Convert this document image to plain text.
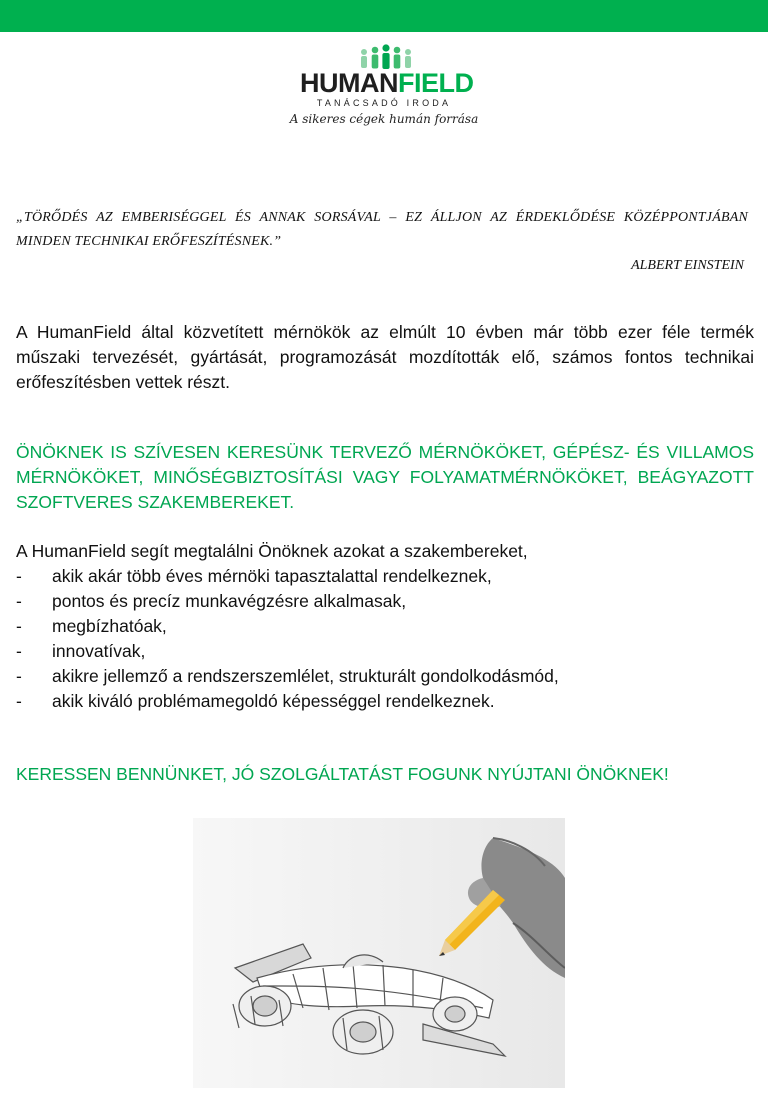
HUMANFIELD
TANÁCSADÓ IRODA
A sikeres cégek humán forrása
„TÖRŐDÉS AZ EMBERISÉGGEL ÉS ANNAK SORSÁVAL – EZ ÁLLJON AZ ÉRDEKLŐDÉSE KÖZÉPPONTJÁBAN MINDEN TECHNIKAI ERŐFESZÍTÉSNEK.”
ALBERT EINSTEIN
A HumanField által közvetített mérnökök az elmúlt 10 évben már több ezer féle termék műszaki tervezését, gyártását, programozását mozdították elő, számos fontos technikai erőfeszítésben vettek részt.
ÖNÖKNEK IS SZÍVESEN KERESÜNK TERVEZŐ MÉRNÖKÖKET, GÉPÉSZ- ÉS VILLAMOS MÉRNÖKÖKET, MINŐSÉGBIZTOSÍTÁSI VAGY FOLYAMATMÉRNÖKÖKET, BEÁGYAZOTT SZOFTVERES SZAKEMBEREKET.
A HumanField segít megtalálni Önöknek azokat a szakembereket,
- akik akár több éves mérnöki tapasztalattal rendelkeznek,
- pontos és precíz munkavégzésre alkalmasak,
- megbízhatóak,
- innovatívak,
- akikre jellemző a rendszerszemlélet, strukturált gondolkodásmód,
- akik kiváló problémamegoldó képességgel rendelkeznek.
KERESSEN BENNÜNKET, JÓ SZOLGÁLTATÁST FOGUNK NYÚJTANI ÖNÖKNEK!
